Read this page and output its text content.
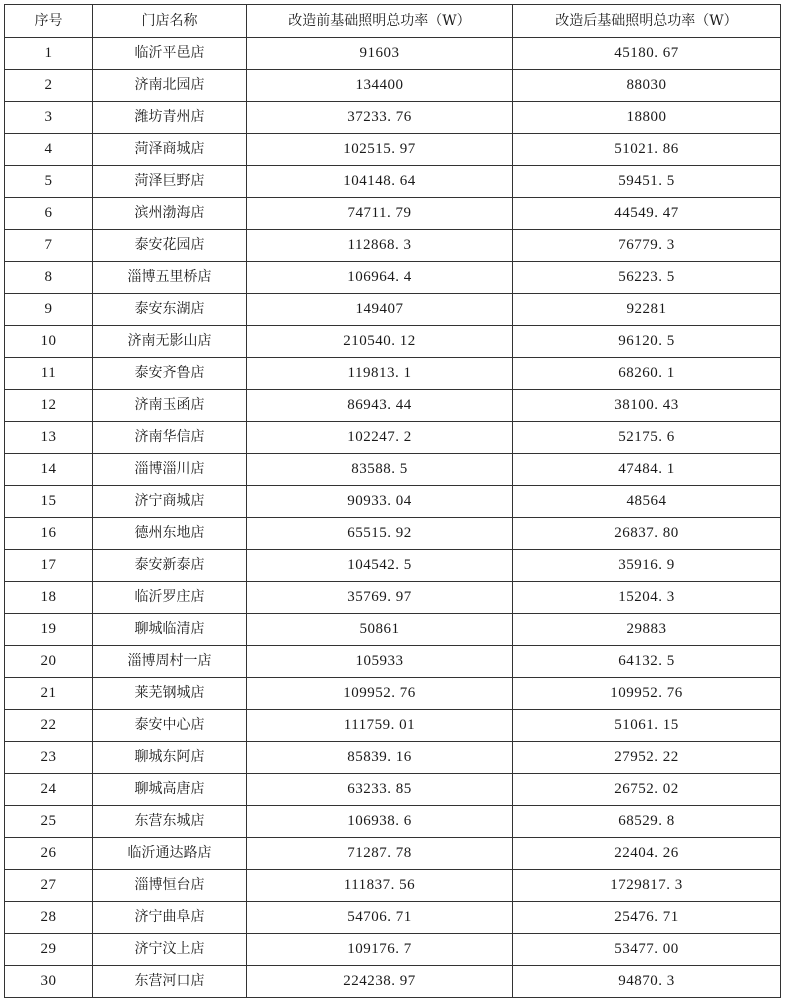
序号	门店名称	改造前基础照明总功率（W）	改造后基础照明总功率（W）
1	临沂平邑店	91603	45180. 67
2	济南北园店	134400	88030
3	潍坊青州店	37233. 76	18800
4	菏泽商城店	102515. 97	51021. 86
5	菏泽巨野店	104148. 64	59451. 5
6	滨州渤海店	74711. 79	44549. 47
7	泰安花园店	112868. 3	76779. 3
8	淄博五里桥店	106964. 4	56223. 5
9	泰安东湖店	149407	92281
10	济南无影山店	210540. 12	96120. 5
11	泰安齐鲁店	119813. 1	68260. 1
12	济南玉函店	86943. 44	38100. 43
13	济南华信店	102247. 2	52175. 6
14	淄博淄川店	83588. 5	47484. 1
15	济宁商城店	90933. 04	48564
16	德州东地店	65515. 92	26837. 80
17	泰安新泰店	104542. 5	35916. 9
18	临沂罗庄店	35769. 97	15204. 3
19	聊城临清店	50861	29883
20	淄博周村一店	105933	64132. 5
21	莱芜钢城店	109952. 76	109952. 76
22	泰安中心店	111759. 01	51061. 15
23	聊城东阿店	85839. 16	27952. 22
24	聊城高唐店	63233. 85	26752. 02
25	东营东城店	106938. 6	68529. 8
26	临沂通达路店	71287. 78	22404. 26
27	淄博恒台店	111837. 56	1729817. 3
28	济宁曲阜店	54706. 71	25476. 71
29	济宁汶上店	109176. 7	53477. 00
30	东营河口店	224238. 97	94870. 3
